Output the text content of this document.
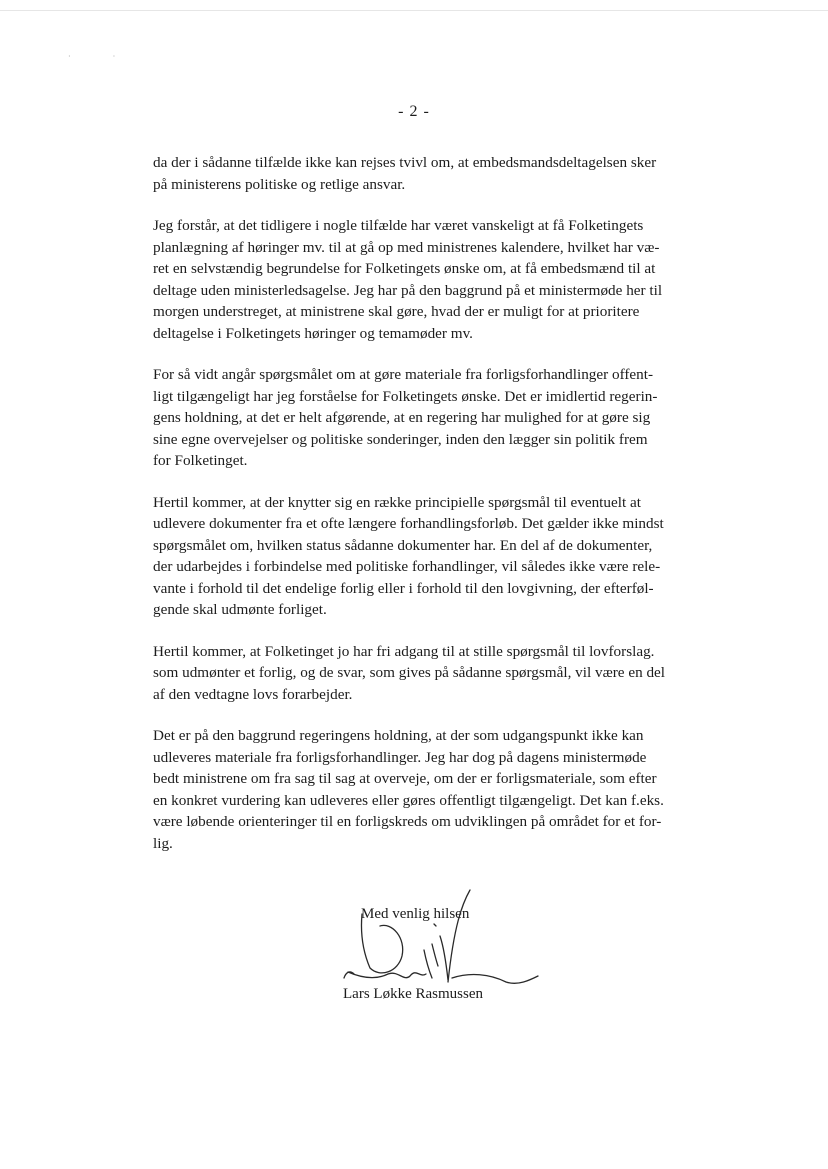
· ·
- 2 -

da der i sådanne tilfælde ikke kan rejses tvivl om, at embedsmandsdeltagelsen sker
på ministerens politiske og retlige ansvar.

Jeg forstår, at det tidligere i nogle tilfælde har været vanskeligt at få Folketingets
planlægning af høringer mv. til at gå op med ministrenes kalendere, hvilket har væ-
ret en selvstændig begrundelse for Folketingets ønske om, at få embedsmænd til at
deltage uden ministerledsagelse. Jeg har på den baggrund på et ministermøde her til
morgen understreget, at ministrene skal gøre, hvad der er muligt for at prioritere
deltagelse i Folketingets høringer og temamøder mv.

For så vidt angår spørgsmålet om at gøre materiale fra forligsforhandlinger offent-
ligt tilgængeligt har jeg forståelse for Folketingets ønske. Det er imidlertid regerin-
gens holdning, at det er helt afgørende, at en regering har mulighed for at gøre sig
sine egne overvejelser og politiske sonderinger, inden den lægger sin politik frem
for Folketinget.

Hertil kommer, at der knytter sig en række principielle spørgsmål til eventuelt at
udlevere dokumenter fra et ofte længere forhandlingsforløb. Det gælder ikke mindst
spørgsmålet om, hvilken status sådanne dokumenter har. En del af de dokumenter,
der udarbejdes i forbindelse med politiske forhandlinger, vil således ikke være rele-
vante i forhold til det endelige forlig eller i forhold til den lovgivning, der efterføl-
gende skal udmønte forliget.

Hertil kommer, at Folketinget jo har fri adgang til at stille spørgsmål til lovforslag.
som udmønter et forlig, og de svar, som gives på sådanne spørgsmål, vil være en del
af den vedtagne lovs forarbejder.

Det er på den baggrund regeringens holdning, at der som udgangspunkt ikke kan
udleveres materiale fra forligsforhandlinger. Jeg har dog på dagens ministermøde
bedt ministrene om fra sag til sag at overveje, om der er forligsmateriale, som efter
en konkret vurdering kan udleveres eller gøres offentligt tilgængeligt. Det kan f.eks.
være løbende orienteringer til en forligskreds om udviklingen på området for et for-
lig.

Med venlig hilsen
Lars Løkke Rasmussen
